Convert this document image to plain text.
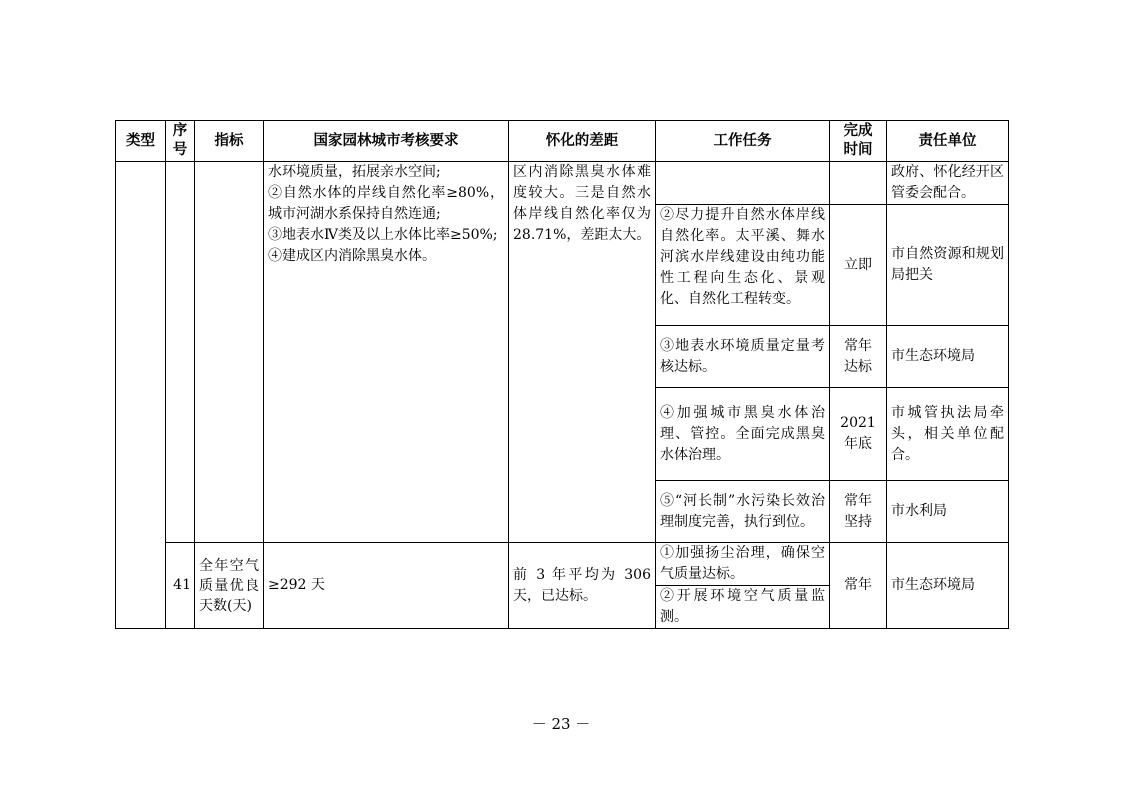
类型	序
号	指标	国家园林城市考核要求	怀化的差距	工作任务	完成
时间	责任单位
			水环境质量，拓展亲水空间;
②自然水体的岸线自然化率≥80%，城市河湖水系保持自然连通;
③地表水Ⅳ类及以上水体比率≥50%;
④建成区内消除黑臭水体。	区内消除黑臭水体难度较大。三是自然水体岸线自然化率仅为 28.71%，差距太大。			政府、怀化经开区管委会配合。
					②尽力提升自然水体岸线自然化率。太平溪、舞水河滨水岸线建设由纯功能性工程向生态化、景观化、自然化工程转变。	立即	市自然资源和规划局把关
					③地表水环境质量定量考核达标。	常年
达标	市生态环境局
					④加强城市黑臭水体治理、管控。全面完成黑臭水体治理。	2021
年底	市城管执法局牵头，相关单位配合。
					⑤“河长制”水污染长效治理制度完善，执行到位。	常年
坚持	市水利局
	41	全年空气质量优良天数(天)	≥292 天	前 3 年平均为 306 天，已达标。	①加强扬尘治理，确保空气质量达标。	常年	市生态环境局
					②开展环境空气质量监测。		
－ 23 －
